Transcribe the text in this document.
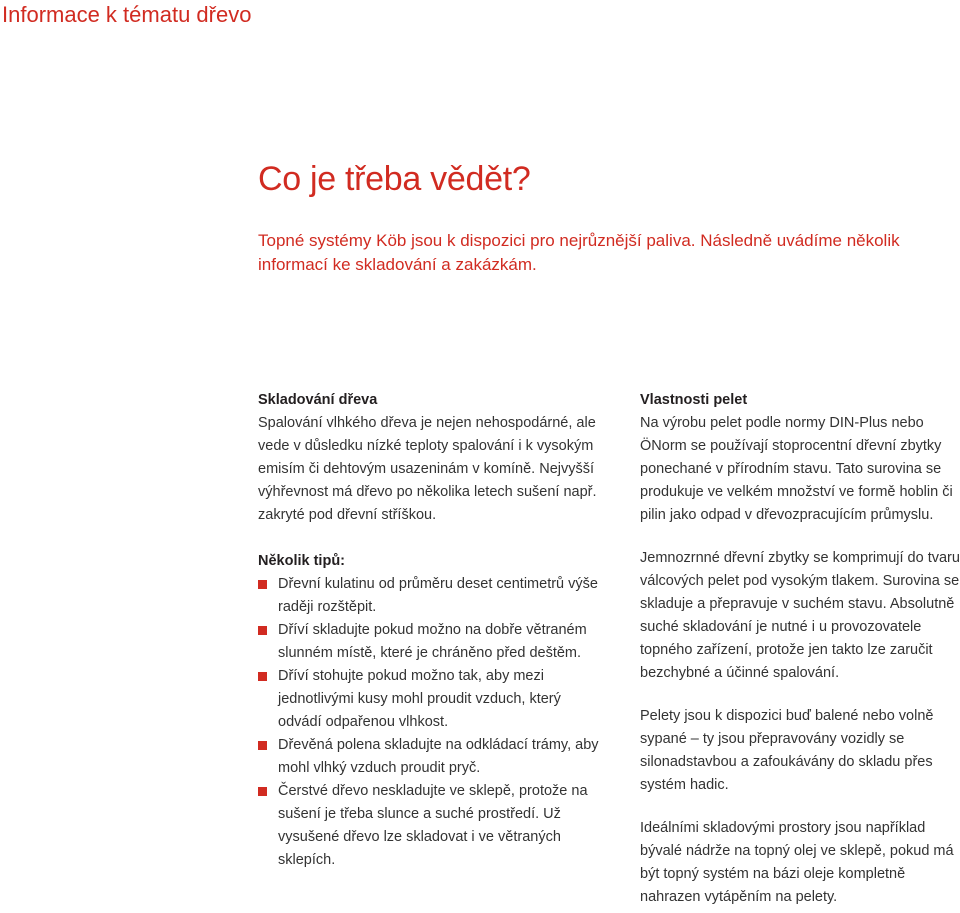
Informace k tématu dřevo
Co je třeba vědět?

Topné systémy Köb jsou k dispozici pro nejrůznější paliva. Následně uvádíme několik informací ke skladování a zakázkám.

Skladování dřeva

Spalování vlhkého dřeva je nejen nehospodárné, ale vede v důsledku nízké teploty spalování i k vysokým emisím či dehtovým usazeninám v komíně. Nejvyšší výhřevnost má dřevo po několika letech sušení např. zakryté pod dřevní stříškou.

Několik tipů:

Dřevní kulatinu od průměru deset centimetrů výše raději rozštěpit.
Dříví skladujte pokud možno na dobře větraném slunném místě, které je chráněno před deštěm.
Dříví stohujte pokud možno tak, aby mezi jednotlivými kusy mohl proudit vzduch, který odvádí odpařenou vlhkost.
Dřevěná polena skladujte na odkládací trámy, aby mohl vlhký vzduch proudit pryč.
Čerstvé dřevo neskladujte ve sklepě, protože na sušení je třeba slunce a suché prostředí. Už vysušené dřevo lze skladovat i ve větraných sklepích.

Vlastnosti pelet

Na výrobu pelet podle normy DIN-Plus nebo ÖNorm se používají stoprocentní dřevní zbytky ponechané v přírodním stavu. Tato surovina se produkuje ve velkém množství ve formě hoblin či pilin jako odpad v dřevozpracujícím průmyslu.

Jemnozrnné dřevní zbytky se komprimují do tvaru válcových pelet pod vysokým tlakem. Surovina se skladuje a přepravuje v suchém stavu. Absolutně suché skladování je nutné i u provozovatele topného zařízení, protože jen takto lze zaručit bezchybné a účinné spalování.

Pelety jsou k dispozici buď balené nebo volně sypané – ty jsou přepravovány vozidly se silonadstavbou a zafoukávány do skladu přes systém hadic.

Ideálními skladovými prostory jsou například bývalé nádrže na topný olej ve sklepě, pokud má být topný systém na bázi oleje kompletně nahrazen vytápěním na pelety.
